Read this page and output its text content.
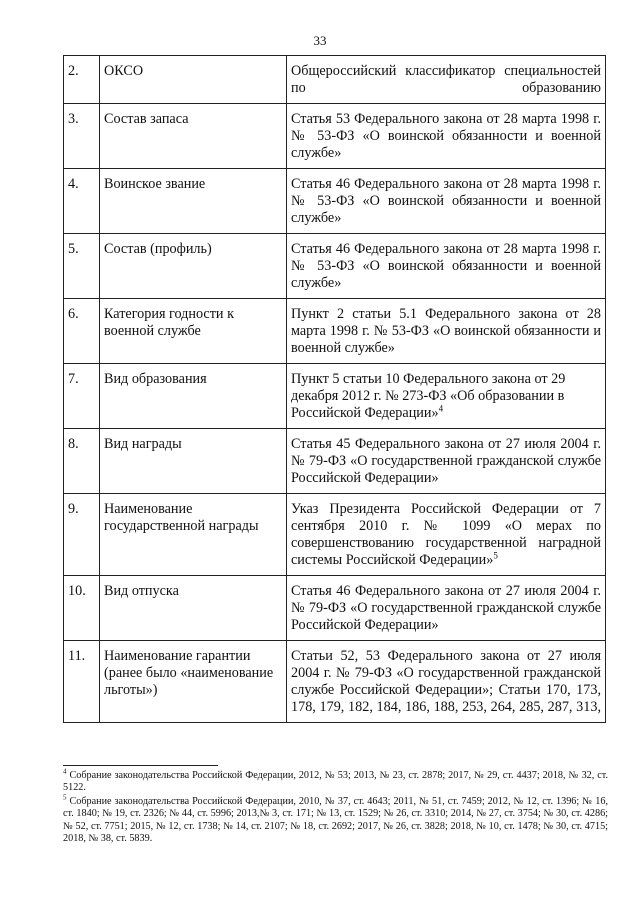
33
2.	ОКСО	Общероссийский классификатор специальностей по образованию
3.	Состав запаса	Статья 53 Федерального закона от 28 марта 1998 г. № 53-ФЗ «О воинской обязанности и военной службе»
4.	Воинское звание	Статья 46 Федерального закона от 28 марта 1998 г. № 53-ФЗ «О воинской обязанности и военной службе»
5.	Состав (профиль)	Статья 46 Федерального закона от 28 марта 1998 г. № 53-ФЗ «О воинской обязанности и военной службе»
6.	Категория годности к военной службе	Пункт 2 статьи 5.1 Федерального закона от 28 марта 1998 г. № 53-ФЗ «О воинской обязанности и военной службе»
7.	Вид образования	Пункт 5 статьи 10 Федерального закона от 29 декабря 2012 г. № 273-ФЗ «Об образовании в Российской Федерации»$^4$
8.	Вид награды	Статья 45 Федерального закона от 27 июля 2004 г. № 79-ФЗ «О государственной гражданской службе Российской Федерации»
9.	Наименование государственной награды	Указ Президента Российской Федерации от 7 сентября 2010 г. № 1099 «О мерах по совершенствованию государственной наградной системы Российской Федерации»$^5$
10.	Вид отпуска	Статья 46 Федерального закона от 27 июля 2004 г. № 79-ФЗ «О государственной гражданской службе Российской Федерации»
11.	Наименование гарантии (ранее было «наименование льготы»)	Статьи 52, 53 Федерального закона от 27 июля 2004 г. № 79-ФЗ «О государственной гражданской службе Российской Федерации»; Статьи 170, 173, 178, 179, 182, 184, 186, 188, 253, 264, 285, 287, 313,

$^4$ Собрание законодательства Российской Федерации, 2012, № 53; 2013, № 23, ст. 2878; 2017, № 29, ст. 4437; 2018, № 32, ст. 5122.

$^5$ Собрание законодательства Российской Федерации, 2010, № 37, ст. 4643; 2011, № 51, ст. 7459; 2012, № 12, ст. 1396; № 16, ст. 1840; № 19, ст. 2326; № 44, ст. 5996; 2013,№ 3, ст. 171; № 13, ст. 1529; № 26, ст. 3310; 2014, № 27, ст. 3754; № 30, ст. 4286; № 52, ст. 7751; 2015, № 12, ст. 1738; № 14, ст. 2107; № 18, ст. 2692; 2017, № 26, ст. 3828; 2018, № 10, ст. 1478; № 30, ст. 4715; 2018, № 38, ст. 5839.
